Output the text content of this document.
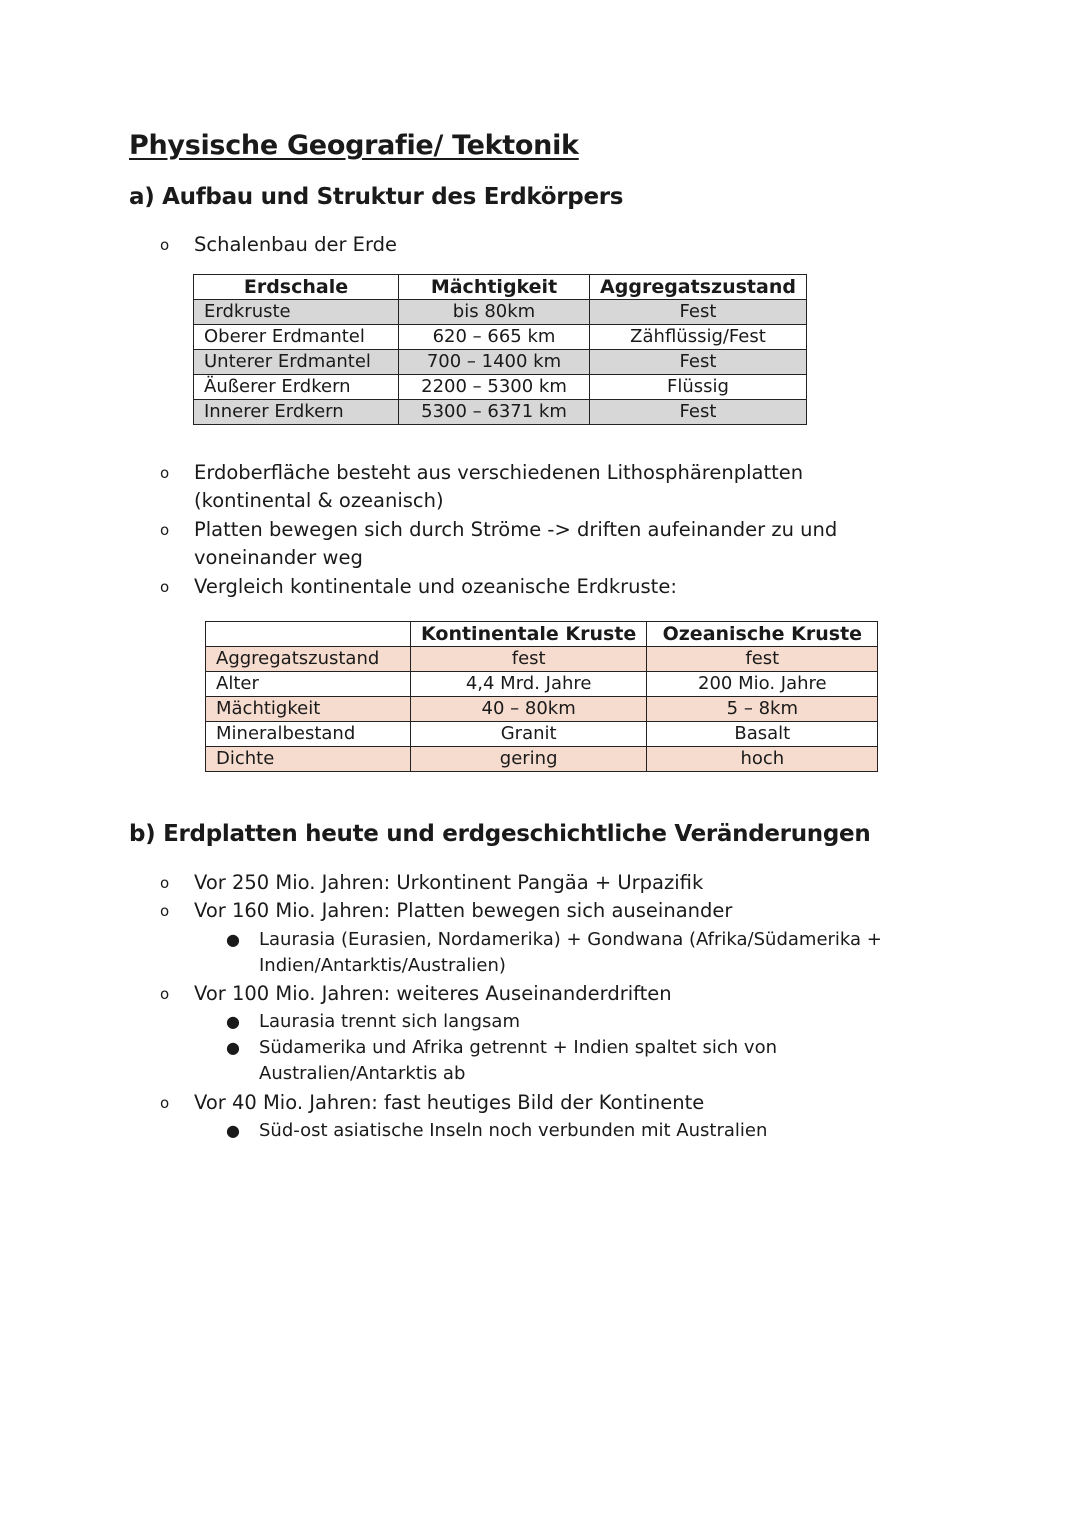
Physische Geografie/ Tektonik
a) Aufbau und Struktur des Erdkörpers
o Schalenbau der Erde
Erdschale	Mächtigkeit	Aggregatszustand
Erdkruste	bis 80km	Fest
Oberer Erdmantel	620 – 665 km	Zähflüssig/Fest
Unterer Erdmantel	700 – 1400 km	Fest
Äußerer Erdkern	2200 – 5300 km	Flüssig
Innerer Erdkern	5300 – 6371 km	Fest
o Erdoberfläche besteht aus verschiedenen Lithosphärenplatten (kontinental & ozeanisch)
o Platten bewegen sich durch Ströme -> driften aufeinander zu und voneinander weg
o Vergleich kontinentale und ozeanische Erdkruste:
	Kontinentale Kruste	Ozeanische Kruste
Aggregatszustand	fest	fest
Alter	4,4 Mrd. Jahre	200 Mio. Jahre
Mächtigkeit	40 – 80km	5 – 8km
Mineralbestand	Granit	Basalt
Dichte	gering	hoch
b) Erdplatten heute und erdgeschichtliche Veränderungen
o Vor 250 Mio. Jahren: Urkontinent Pangäa + Urpazifik
o Vor 160 Mio. Jahren: Platten bewegen sich auseinander
● Laurasia (Eurasien, Nordamerika) + Gondwana (Afrika/Südamerika + Indien/Antarktis/Australien)
o Vor 100 Mio. Jahren: weiteres Auseinanderdriften
● Laurasia trennt sich langsam
● Südamerika und Afrika getrennt + Indien spaltet sich von Australien/Antarktis ab
o Vor 40 Mio. Jahren: fast heutiges Bild der Kontinente
● Süd-ost asiatische Inseln noch verbunden mit Australien
